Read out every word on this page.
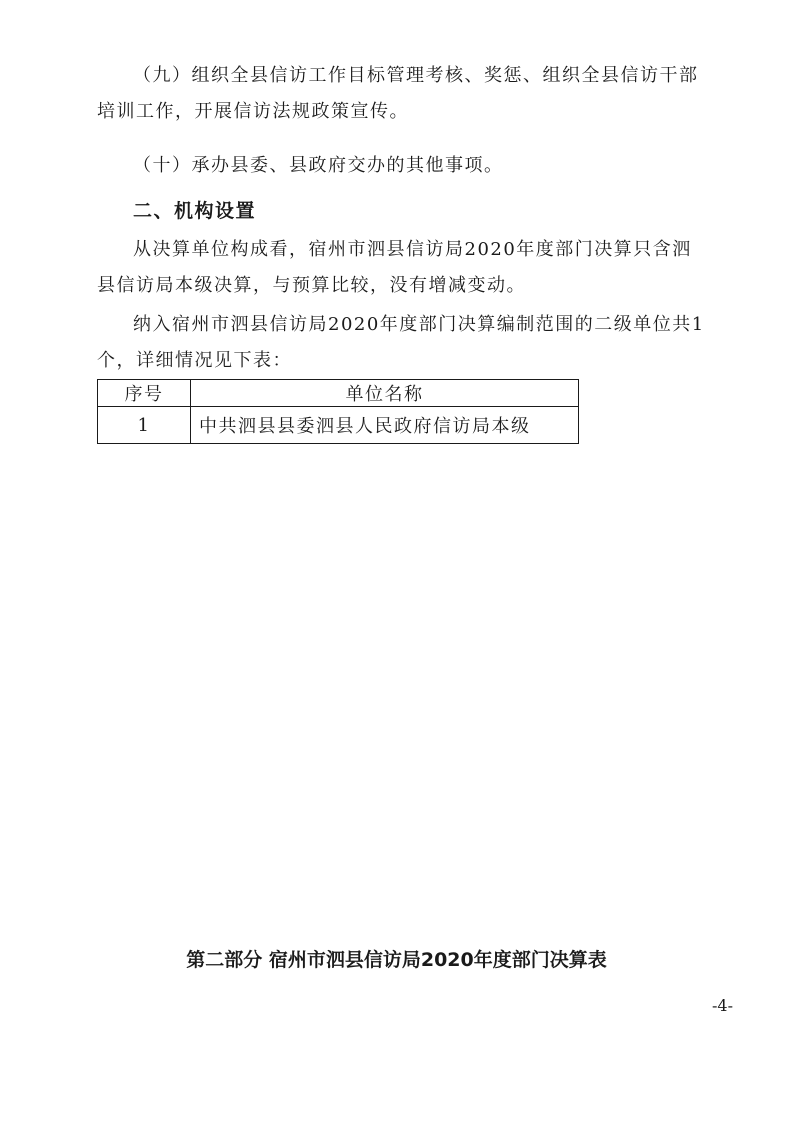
（九）组织全县信访工作目标管理考核、奖惩、组织全县信访干部培训工作，开展信访法规政策宣传。

（十）承办县委、县政府交办的其他事项。

二、机构设置

从决算单位构成看，宿州市泗县信访局2020年度部门决算只含泗县信访局本级决算，与预算比较，没有增减变动。

纳入宿州市泗县信访局2020年度部门决算编制范围的二级单位共1个，详细情况见下表：

序号	单位名称
1	中共泗县县委泗县人民政府信访局本级
第二部分 宿州市泗县信访局2020年度部门决算表

-4-
